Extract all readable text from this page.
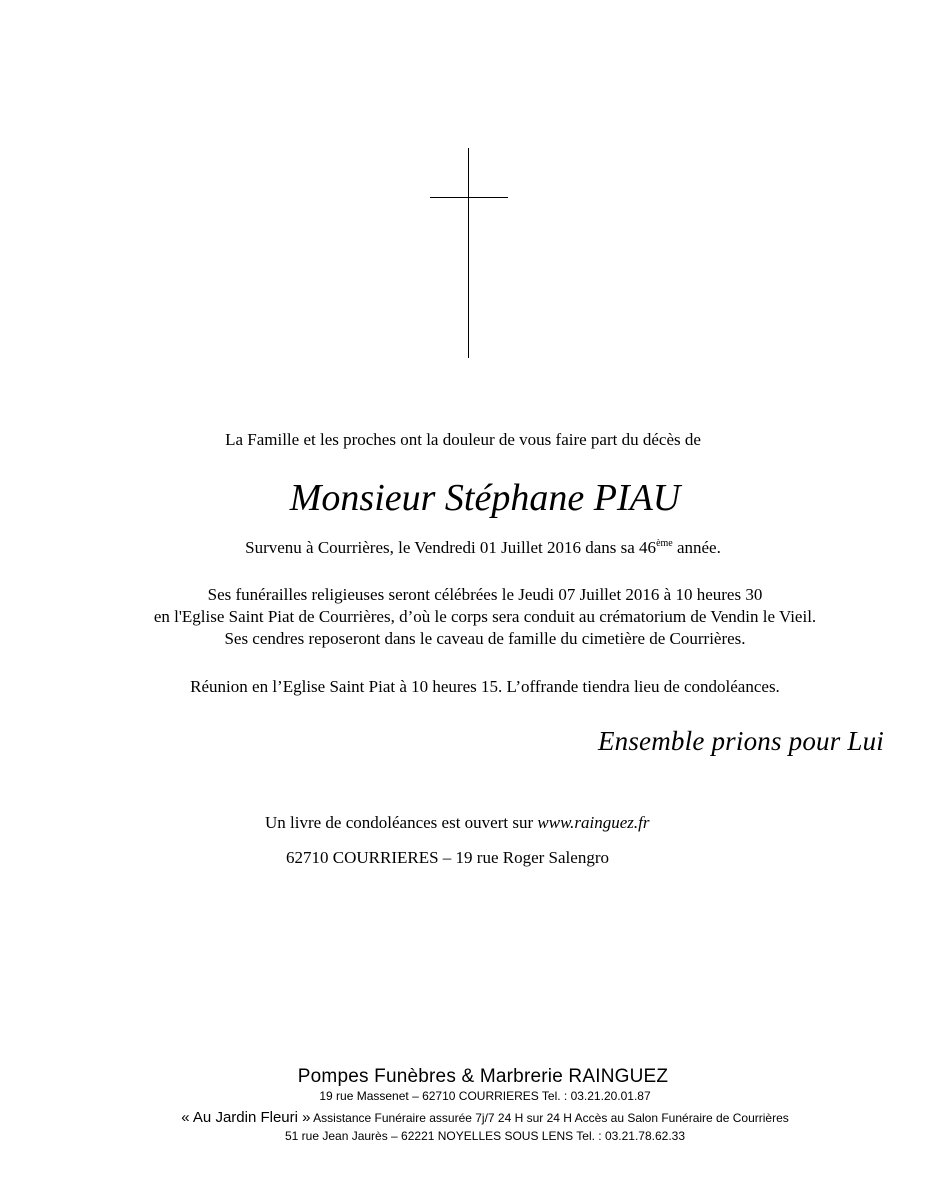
La Famille et les proches ont la douleur de vous faire part du décès de
Monsieur Stéphane PIAU
Survenu à Courrières, le Vendredi 01 Juillet 2016 dans sa 46ème année.
Ses funérailles religieuses seront célébrées le Jeudi 07 Juillet 2016 à 10 heures 30
en l'Eglise Saint Piat de Courrières, d’où le corps sera conduit au crématorium de Vendin le Vieil.
Ses cendres reposeront dans le caveau de famille du cimetière de Courrières.
Réunion en l’Eglise Saint Piat à 10 heures 15. L’offrande tiendra lieu de condoléances.
Ensemble prions pour Lui
Un livre de condoléances est ouvert sur www.rainguez.fr
62710 COURRIERES – 19 rue Roger Salengro
Pompes Funèbres & Marbrerie RAINGUEZ
19 rue Massenet – 62710 COURRIERES Tel. : 03.21.20.01.87
« Au Jardin Fleuri » Assistance Funéraire assurée 7j/7 24 H sur 24 H Accès au Salon Funéraire de Courrières
51 rue Jean Jaurès – 62221 NOYELLES SOUS LENS Tel. : 03.21.78.62.33
